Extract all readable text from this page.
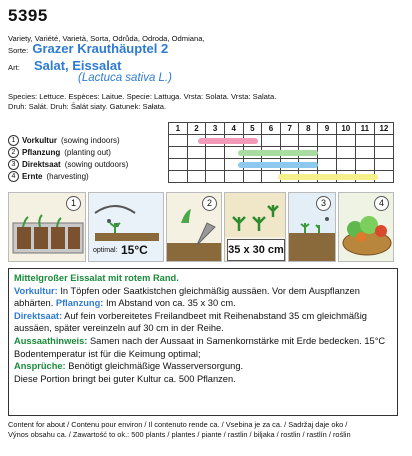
5395
Variety, Variété, Varietà, Sorta, Odrůda, Odroda, Odmiana,
Sorte: Grazer Krauthäuptel 2
Art: Salat, Eissalat
(Lactuca sativa L.)
Species: Lettuce. Espèces: Laitue. Specie: Lattuga. Vrsta: Solata. Vrsta: Salata.
Druh: Salát. Druh: Šalát siaty. Gatunek: Sałata.
1	2	3	4	5	6	7	8	9	10	11	12

1 Vorkultur (sowing indoors)
2 Pflanzung (planting out)
3 Direktsaat (sowing outdoors)
4 Ernte (harvesting)
1
optimal: 15°C
2
35 x 30 cm
3	4
Mittelgroßer Eissalat mit rotem Rand.
Vorkultur: In Töpfen oder Saatkistchen gleichmäßig aussäen. Vor dem Auspflanzen abhärten. Pflanzung: Im Abstand von ca. 35 x 30 cm.
Direktsaat: Auf fein vorbereitetes Freilandbeet mit Reihenabstand 35 cm gleichmäßig aussäen, später vereinzeln auf 30 cm in der Reihe.
Aussaathinweis: Samen nach der Aussaat in Samenkornstärke mit Erde bedecken. 15°C Bodentemperatur ist für die Keimung optimal;
Ansprüche: Benötigt gleichmäßige Wasserversorgung.
Diese Portion bringt bei guter Kultur ca. 500 Pflanzen.
Content for about / Contenu pour environ / Il contenuto rende ca. / Vsebina je za ca. / Sadržaj daje oko /
Výnos obsahu ca. / Zawartość to ok.: 500 plants / plantes / piante / rastlin / biljaka / rostlin / rastlín / roślin
